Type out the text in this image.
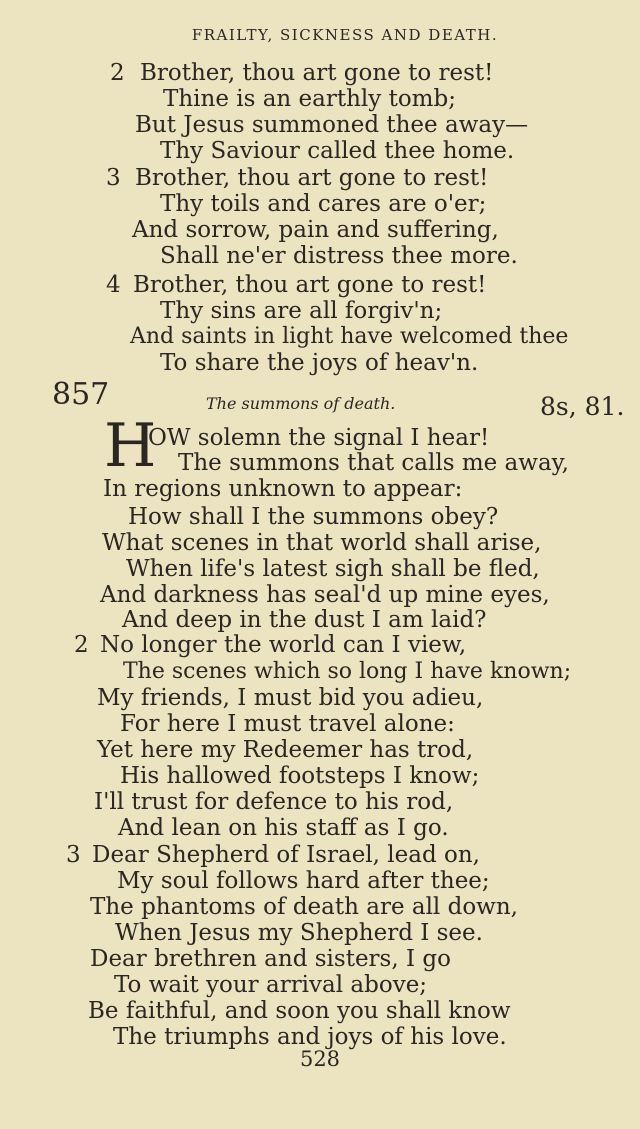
FRAILTY, SICKNESS AND DEATH.
2 Brother, thou art gone to rest!
Thine is an earthly tomb;
But Jesus summoned thee away—
Thy Saviour called thee home.
3 Brother, thou art gone to rest!
Thy toils and cares are o'er;
And sorrow, pain and suffering,
Shall ne'er distress thee more.
4 Brother, thou art gone to rest!
Thy sins are all forgiv'n;
And saints in light have welcomed thee
To share the joys of heav'n.
857	The summons of death.	8s, 81.
H
OW solemn the signal I hear!
The summons that calls me away,
In regions unknown to appear:
How shall I the summons obey?
What scenes in that world shall arise,
When life's latest sigh shall be fled,
And darkness has seal'd up mine eyes,
And deep in the dust I am laid?
2 No longer the world can I view,
The scenes which so long I have known;
My friends, I must bid you adieu,
For here I must travel alone:
Yet here my Redeemer has trod,
His hallowed footsteps I know;
I'll trust for defence to his rod,
And lean on his staff as I go.
3 Dear Shepherd of Israel, lead on,
My soul follows hard after thee;
The phantoms of death are all down,
When Jesus my Shepherd I see.
Dear brethren and sisters, I go
To wait your arrival above;
Be faithful, and soon you shall know
The triumphs and joys of his love.
528
